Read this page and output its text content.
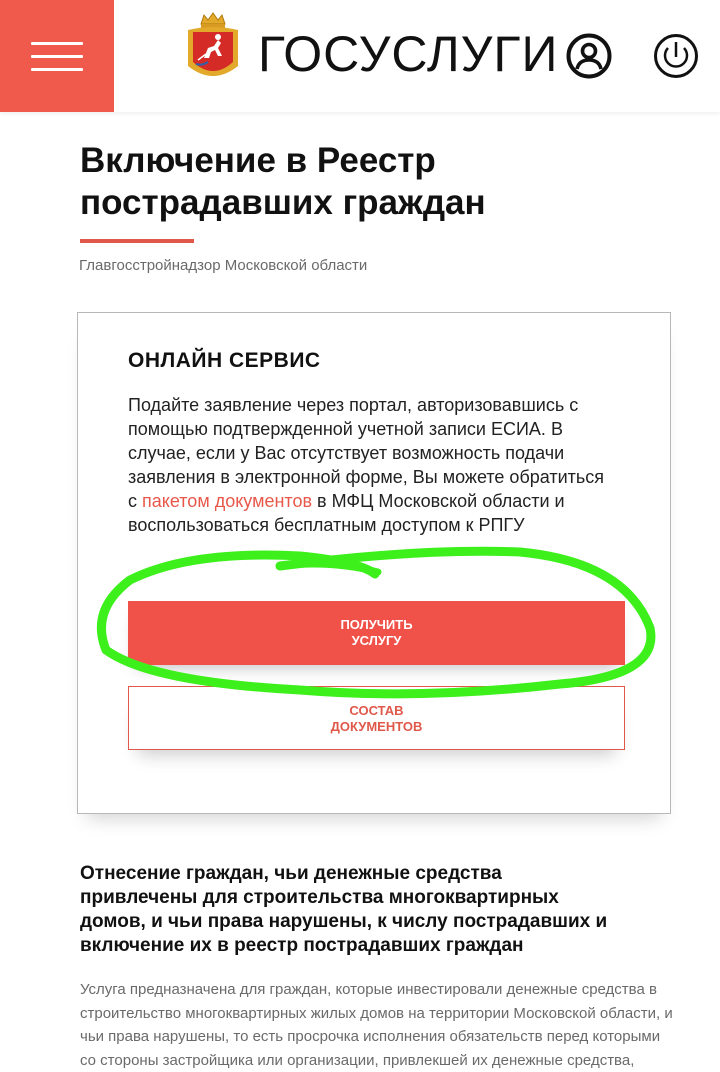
ГОСУСЛУГИ
Включение в Реестр
пострадавших граждан
Главгосстройнадзор Московской области
ОНЛАЙН СЕРВИС
Подайте заявление через портал, авторизовавшись с помощью подтвержденной учетной записи ЕСИА. В случае, если у Вас отсутствует возможность подачи заявления в электронной форме, Вы можете обратиться с пакетом документов в МФЦ Московской области и воспользоваться бесплатным доступом к РПГУ
ПОЛУЧИТЬ
УСЛУГУ
СОСТАВ
ДОКУМЕНТОВ
Отнесение граждан, чьи денежные средства привлечены для строительства многоквартирных домов, и чьи права нарушены, к числу пострадавших и включение их в реестр пострадавших граждан
Услуга предназначена для граждан, которые инвестировали денежные средства в строительство многоквартирных жилых домов на территории Московской области, и чьи права нарушены, то есть просрочка исполнения обязательств перед которыми со стороны застройщика или организации, привлекшей их денежные средства,
